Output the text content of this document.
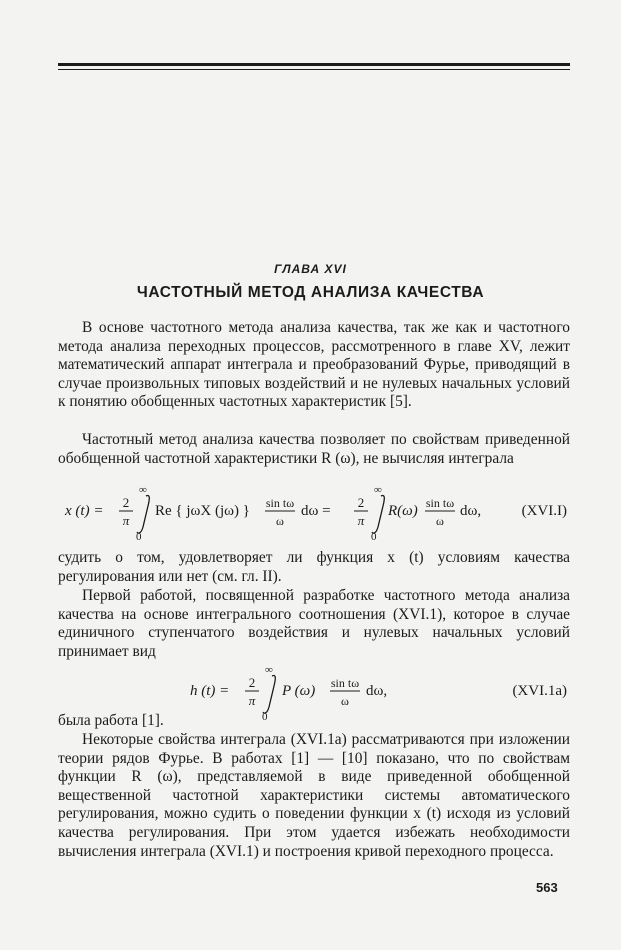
ГЛАВА XVI
ЧАСТОТНЫЙ МЕТОД АНАЛИЗА КАЧЕСТВА

В основе частотного метода анализа качества, так же как и частотного метода анализа переходных процессов, рассмотренного в главе XV, лежит математический аппарат интеграла и преобразований Фурье, приводящий в случае произвольных типовых воздействий и не нулевых начальных условий к понятию обобщенных частотных характеристик [5].

Частотный метод анализа качества позволяет по свойствам приведенной обобщенной частотной характеристики R (ω), не вычисляя интеграла

x (t) =
2
π
∞
0
Re { jωX (jω) } sin tω
ω
dω =
2
π
∞
0
R(ω) sin tω
ω
dω,	(XVI.I)

судить о том, удовлетворяет ли функция x (t) условиям качества регулирования или нет (см. гл. II).

Первой работой, посвященной разработке частотного метода анализа качества на основе интегрального соотношения (XVI.1), которое в случае единичного ступенчатого воздействия и нулевых начальных условий принимает вид

h (t) =
2
π
∞
0
P (ω) sin tω
ω
dω,	(XVI.1a)

была работа [1].

Некоторые свойства интеграла (XVI.1а) рассматриваются при изложении теории рядов Фурье. В работах [1] — [10] показано, что по свойствам функции R (ω), представляемой в виде приведенной обобщенной вещественной частотной характеристики системы автоматического регулирования, можно судить о поведении функции x (t) исходя из условий качества регулирования. При этом удается избежать необходимости вычисления интеграла (XVI.1) и построения кривой переходного процесса.

563
